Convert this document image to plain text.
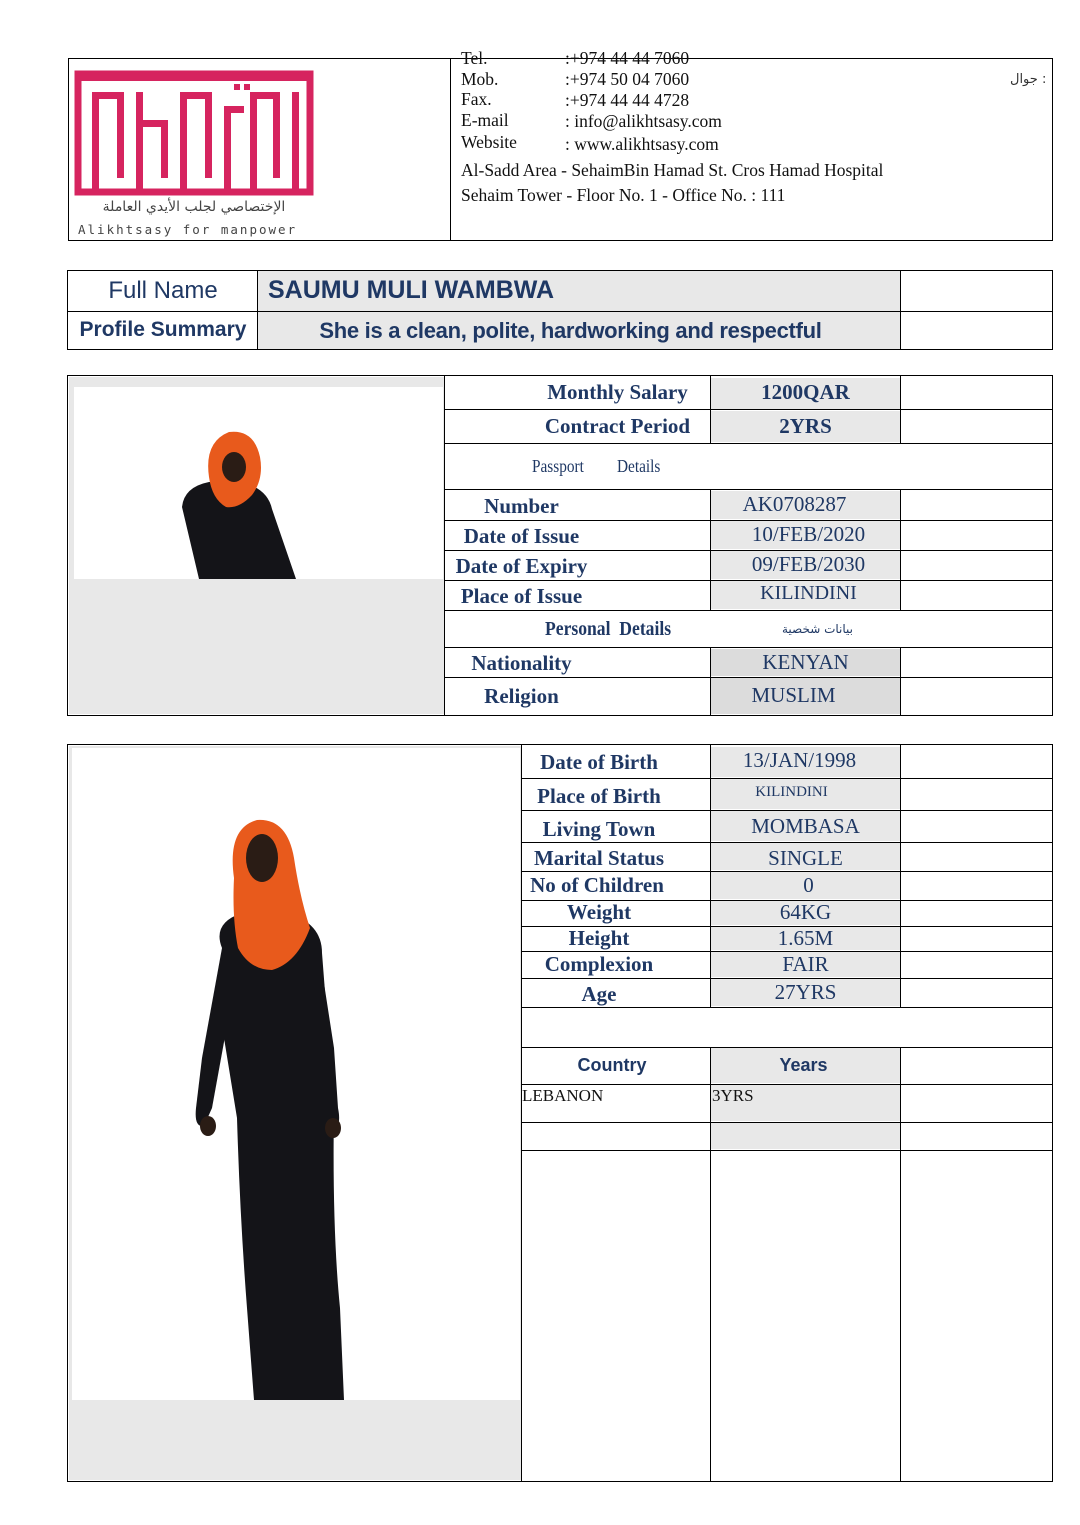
الإختصاصي لجلب الأيدي العاملة
Alikhtsasy for manpower
Tel.	:+974 44 44 7060
Mob.	:+974 50 04 7060
Fax.	:+974 44 44 4728
E-mail	: info@alikhtsasy.com
Website	: www.alikhtsasy.com
Al-Sadd Area - SehaimBin Hamad St. Cros Hamad Hospital
Sehaim Tower - Floor No. 1 - Office No. : 111
: جوال
Full Name	SAUMU MULI WAMBWA
Profile Summary	She is a clean, polite, hardworking and respectful
Monthly Salary	1200QAR
Contract Period	2YRS
Passport Details
Number	AK0708287
Date of Issue	10/FEB/2020
Date of Expiry	09/FEB/2030
Place of Issue	KILINDINI
Personal  Details	بيانات شخصية
Nationality	KENYAN
Religion	MUSLIM
Date of Birth	13/JAN/1998
Place of Birth	KILINDINI
Living Town	MOMBASA
Marital Status	SINGLE
No of Children	0
Weight	64KG
Height	1.65M
Complexion	FAIR
Age	27YRS
Country	Years
LEBANON	3YRS
